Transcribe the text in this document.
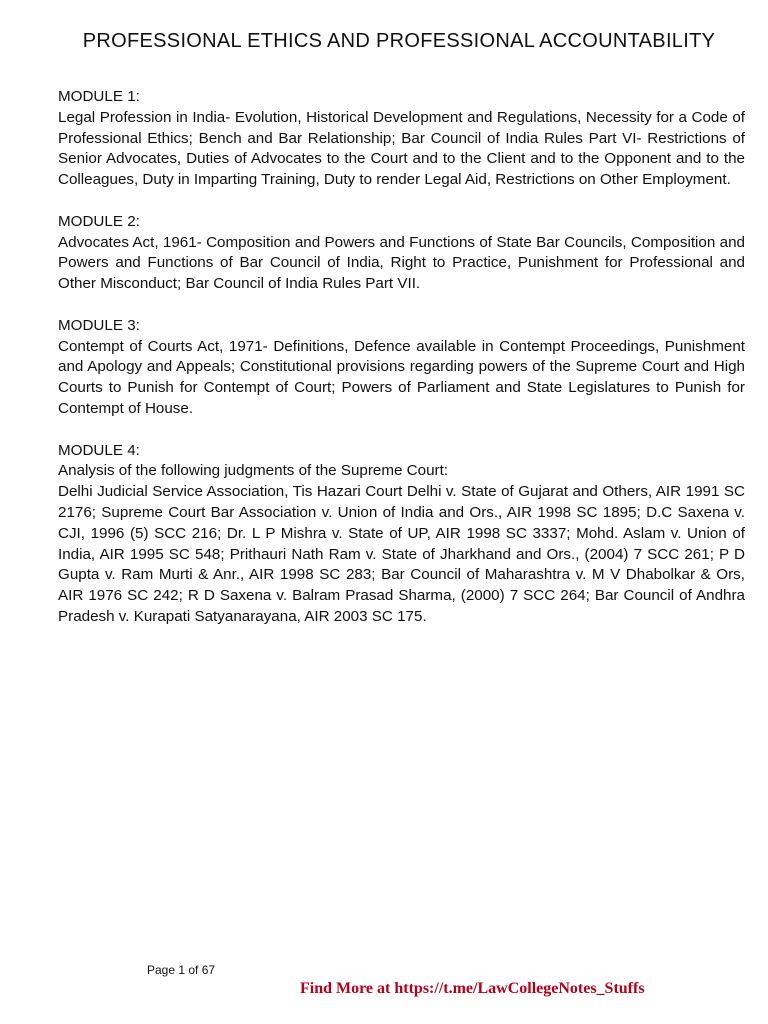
PROFESSIONAL ETHICS AND PROFESSIONAL ACCOUNTABILITY
MODULE 1:
Legal Profession in India- Evolution, Historical Development and Regulations, Necessity for a Code of Professional Ethics; Bench and Bar Relationship; Bar Council of India Rules Part VI- Restrictions of Senior Advocates, Duties of Advocates to the Court and to the Client and to the Opponent and to the Colleagues, Duty in Imparting Training, Duty to render Legal Aid, Restrictions on Other Employment.
MODULE 2:
Advocates Act, 1961- Composition and Powers and Functions of State Bar Councils, Composition and Powers and Functions of Bar Council of India, Right to Practice, Punishment for Professional and Other Misconduct; Bar Council of India Rules Part VII.
MODULE 3:
Contempt of Courts Act, 1971- Definitions, Defence available in Contempt Proceedings, Punishment and Apology and Appeals; Constitutional provisions regarding powers of the Supreme Court and High Courts to Punish for Contempt of Court; Powers of Parliament and State Legislatures to Punish for Contempt of House.
MODULE 4:
Analysis of the following judgments of the Supreme Court:
Delhi Judicial Service Association, Tis Hazari Court Delhi v. State of Gujarat and Others, AIR 1991 SC 2176; Supreme Court Bar Association v. Union of India and Ors., AIR 1998 SC 1895; D.C Saxena v. CJI, 1996 (5) SCC 216; Dr. L P Mishra v. State of UP, AIR 1998 SC 3337; Mohd. Aslam v. Union of India, AIR 1995 SC 548; Prithauri Nath Ram v. State of Jharkhand and Ors., (2004) 7 SCC 261; P D Gupta v. Ram Murti & Anr., AIR 1998 SC 283; Bar Council of Maharashtra v. M V Dhabolkar & Ors, AIR 1976 SC 242; R D Saxena v. Balram Prasad Sharma, (2000) 7 SCC 264; Bar Council of Andhra Pradesh v. Kurapati Satyanarayana, AIR 2003 SC 175.
Page 1 of 67
Find More at https://t.me/LawCollegeNotes_Stuffs
